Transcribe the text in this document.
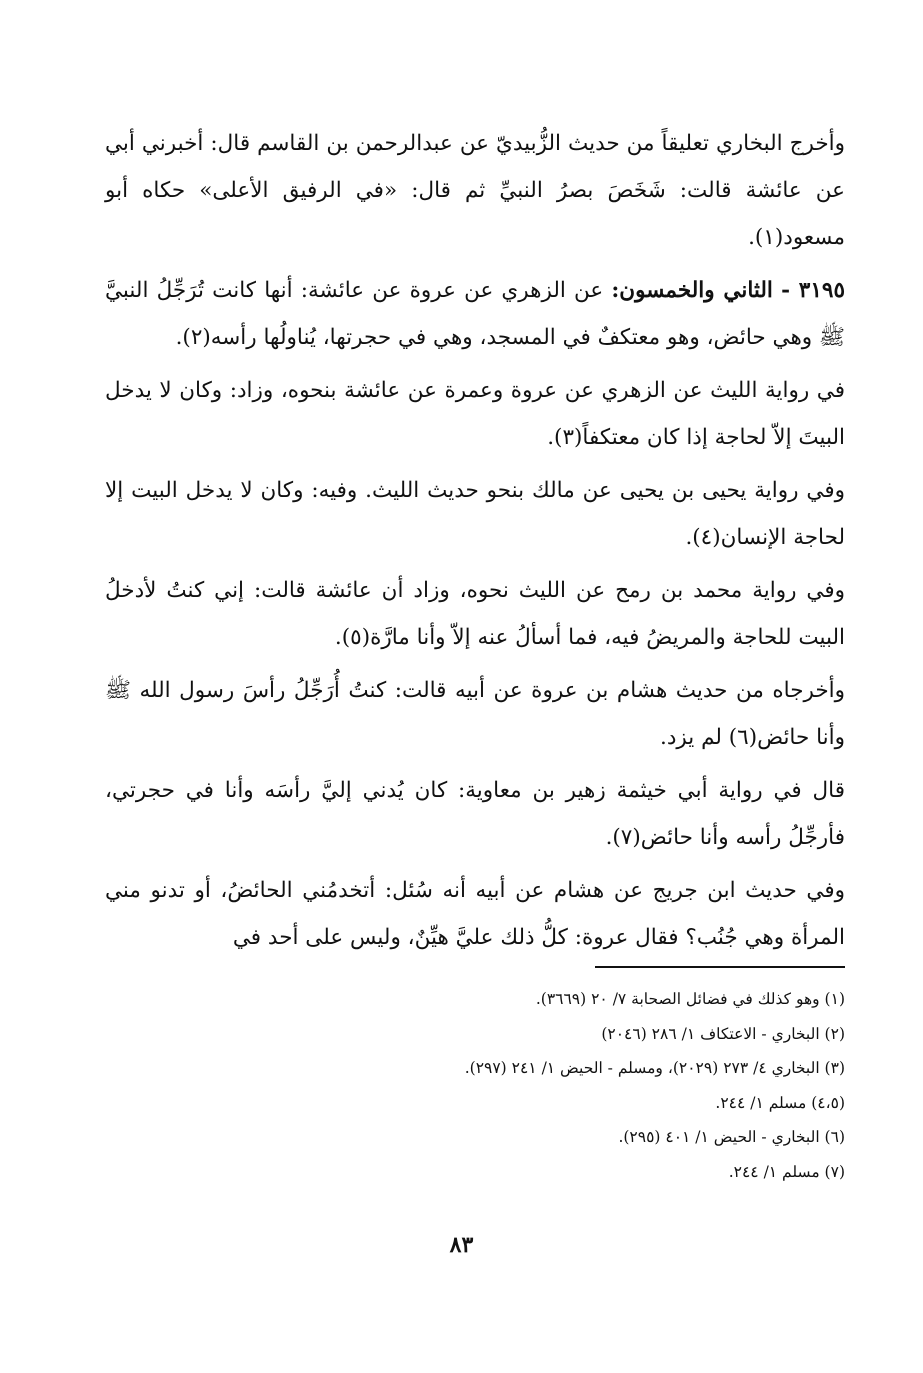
وأخرج البخاري تعليقاً من حديث الزُّبيديّ عن عبدالرحمن بن القاسم قال: أخبرني أبي عن عائشة قالت: شَخَصَ بصرُ النبيِّ ثم قال: «في الرفيق الأعلى» حكاه أبو مسعود(١).

٣١٩٥ - الثاني والخمسون: عن الزهري عن عروة عن عائشة: أنها كانت تُرَجِّلُ النبيَّ ﷺ وهي حائض، وهو معتكفٌ في المسجد، وهي في حجرتها، يُناولُها رأسه(٢).

في رواية الليث عن الزهري عن عروة وعمرة عن عائشة بنحوه، وزاد: وكان لا يدخل البيتَ إلاّ لحاجة إذا كان معتكفاً(٣).

وفي رواية يحيى بن يحيى عن مالك بنحو حديث الليث. وفيه: وكان لا يدخل البيت إلا لحاجة الإنسان(٤).

وفي رواية محمد بن رمح عن الليث نحوه، وزاد أن عائشة قالت: إني كنتُ لأدخلُ البيت للحاجة والمريضُ فيه، فما أسألُ عنه إلاّ وأنا مارَّة(٥).

وأخرجاه من حديث هشام بن عروة عن أبيه قالت: كنتُ أُرَجِّلُ رأسَ رسول الله ﷺ وأنا حائض(٦) لم يزد.

قال في رواية أبي خيثمة زهير بن معاوية: كان يُدني إليَّ رأسَه وأنا في حجرتي، فأرجِّلُ رأسه وأنا حائض(٧).

وفي حديث ابن جريج عن هشام عن أبيه أنه سُئل: أتخدمُني الحائضُ، أو تدنو مني المرأة وهي جُنُب؟ فقال عروة: كلُّ ذلك عليَّ هيِّنٌ، وليس على أحد في

(١) وهو كذلك في فضائل الصحابة ٧/ ٢٠ (٣٦٦٩).
(٢) البخاري - الاعتكاف ١/ ٢٨٦ (٢٠٤٦)
(٣) البخاري ٤/ ٢٧٣ (٢٠٢٩)، ومسلم - الحيض ١/ ٢٤١ (٢٩٧).
(٤،٥) مسلم ١/ ٢٤٤.
(٦) البخاري - الحيض ١/ ٤٠١ (٢٩٥).
(٧) مسلم ١/ ٢٤٤.
٨٣
